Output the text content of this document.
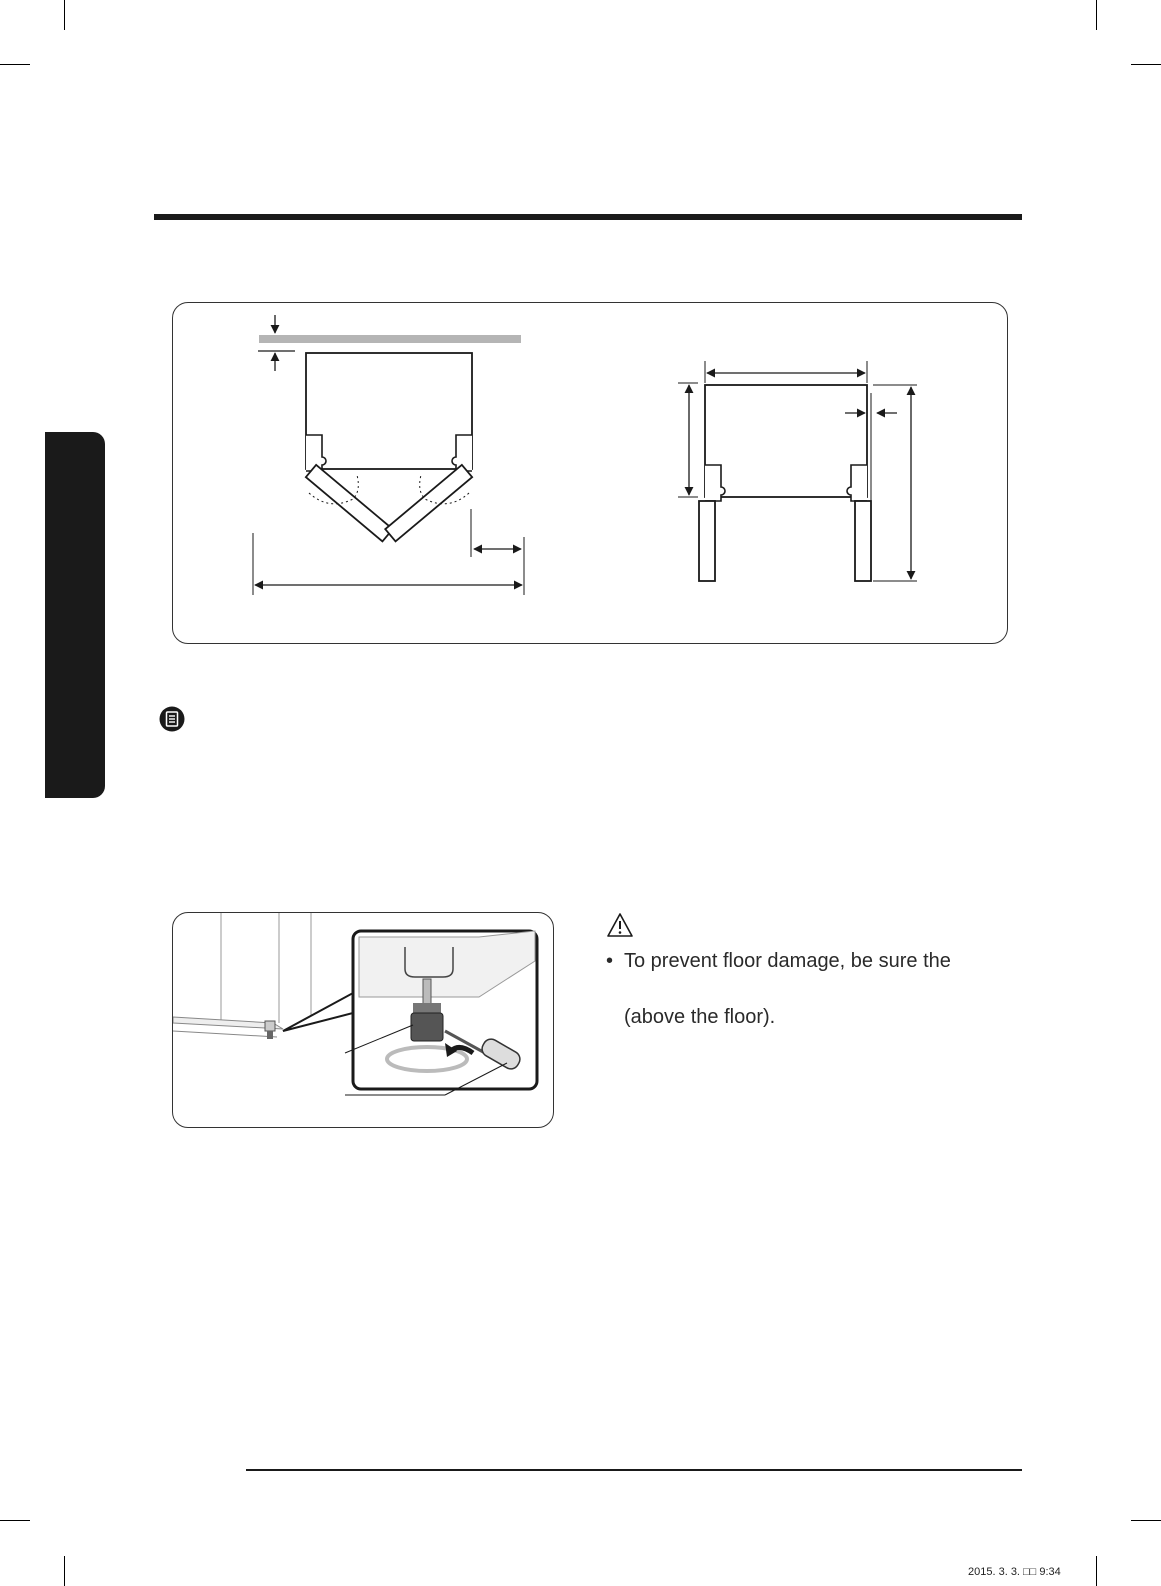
• To prevent floor damage, be sure the
(above the floor).
2015. 3. 3. □□ 9:34
